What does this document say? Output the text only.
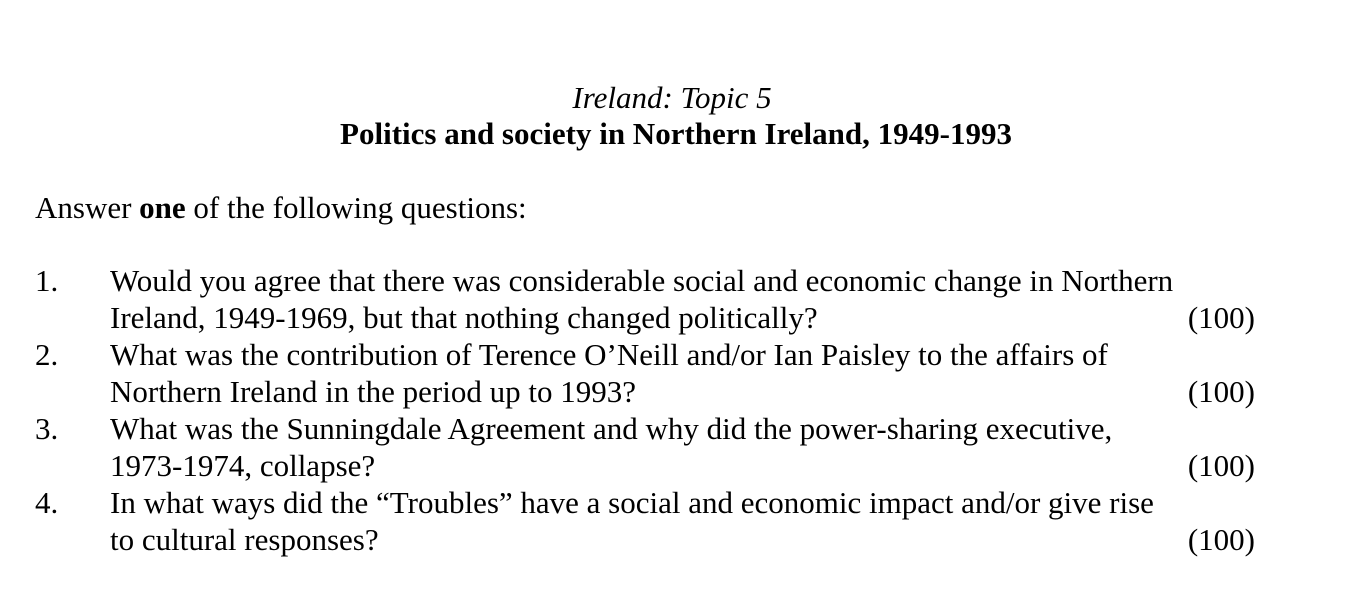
Ireland: Topic 5
Politics and society in Northern Ireland, 1949-1993
Answer one of the following questions:
1. Would you agree that there was considerable social and economic change in Northern
Ireland, 1949-1969, but that nothing changed politically?	(100)
2. What was the contribution of Terence O’Neill and/or Ian Paisley to the affairs of
Northern Ireland in the period up to 1993?	(100)
3. What was the Sunningdale Agreement and why did the power-sharing executive,
1973-1974, collapse?	(100)
4. In what ways did the “Troubles” have a social and economic impact and/or give rise
to cultural responses?	(100)
